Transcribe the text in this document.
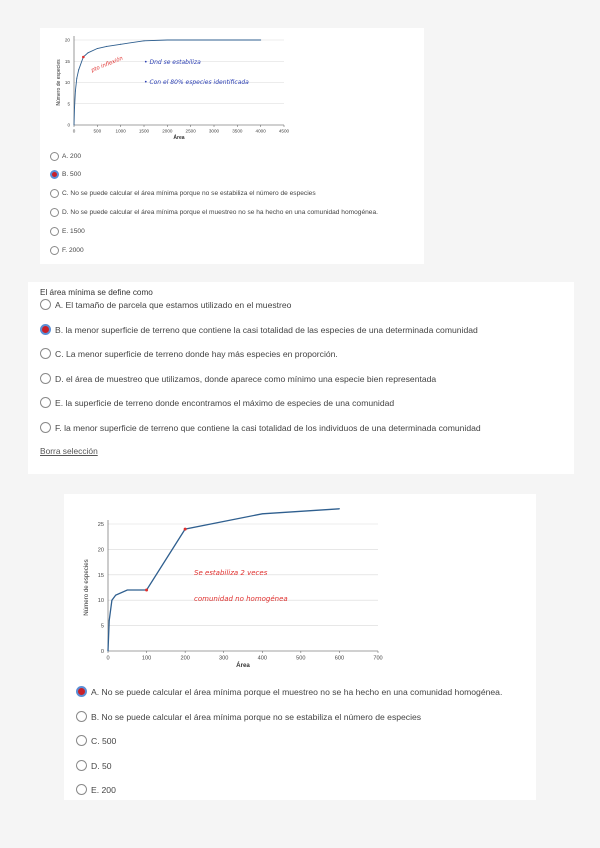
0
5
10
15
20
0	500	1000	1500	2000	2500	3000	3500	4000	4500
Área
Número de especies	• Dnd se estabiliza
• Con el 80% especies identificada
pto inflexión
A. 200
B. 500
C. No se puede calcular el área mínima porque no se estabiliza el número de especies
D. No se puede calcular el área mínima porque el muestreo no se ha hecho en una comunidad homogénea.
E. 1500
F. 2000
El área mínima se define como
A. El tamaño de parcela que estamos utilizado en el muestreo
B. la menor superficie de terreno que contiene la casi totalidad de las especies de una determinada comunidad
C. La menor superficie de terreno donde hay más especies en proporción.
D. el área de muestreo que utilizamos, donde aparece como mínimo una especie bien representada
E. la superficie de terreno donde encontramos el máximo de especies de una comunidad
F. la menor superficie de terreno que contiene la casi totalidad de los individuos de una determinada comunidad
Borra selección
0
5
10
15
20
25
0	100	200	300	400	500	600	700
Área
Número de especies	Se estabiliza 2 veces
comunidad no homogénea
A. No se puede calcular el área mínima porque el muestreo no se ha hecho en una comunidad homogénea.
B. No se puede calcular el área mínima porque no se estabiliza el número de especies
C. 500
D. 50
E. 200
